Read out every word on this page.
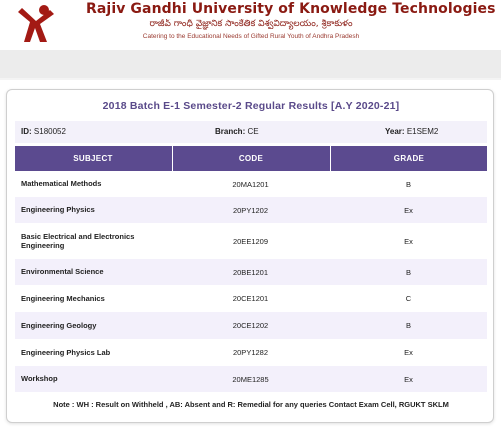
Rajiv Gandhi University of Knowledge Technologies
రాజీవ్ గాంధీ వైజ్ఞానిక సాంకేతిక విశ్వవిద్యాలయం, శ్రీకాకుళం
Catering to the Educational Needs of Gifted Rural Youth of Andhra Pradesh
2018 Batch E-1 Semester-2 Regular Results [A.Y 2020-21]
ID: S180052	Branch: CE	Year: E1SEM2
SUBJECT	CODE	GRADE
Mathematical Methods	20MA1201	B
Engineering Physics	20PY1202	Ex
Basic Electrical and Electronics Engineering	20EE1209	Ex
Environmental Science	20BE1201	B
Engineering Mechanics	20CE1201	C
Engineering Geology	20CE1202	B
Engineering Physics Lab	20PY1282	Ex
Workshop	20ME1285	Ex
Note : WH : Result on Withheld , AB: Absent and R: Remedial for any queries Contact Exam Cell, RGUKT SKLM
